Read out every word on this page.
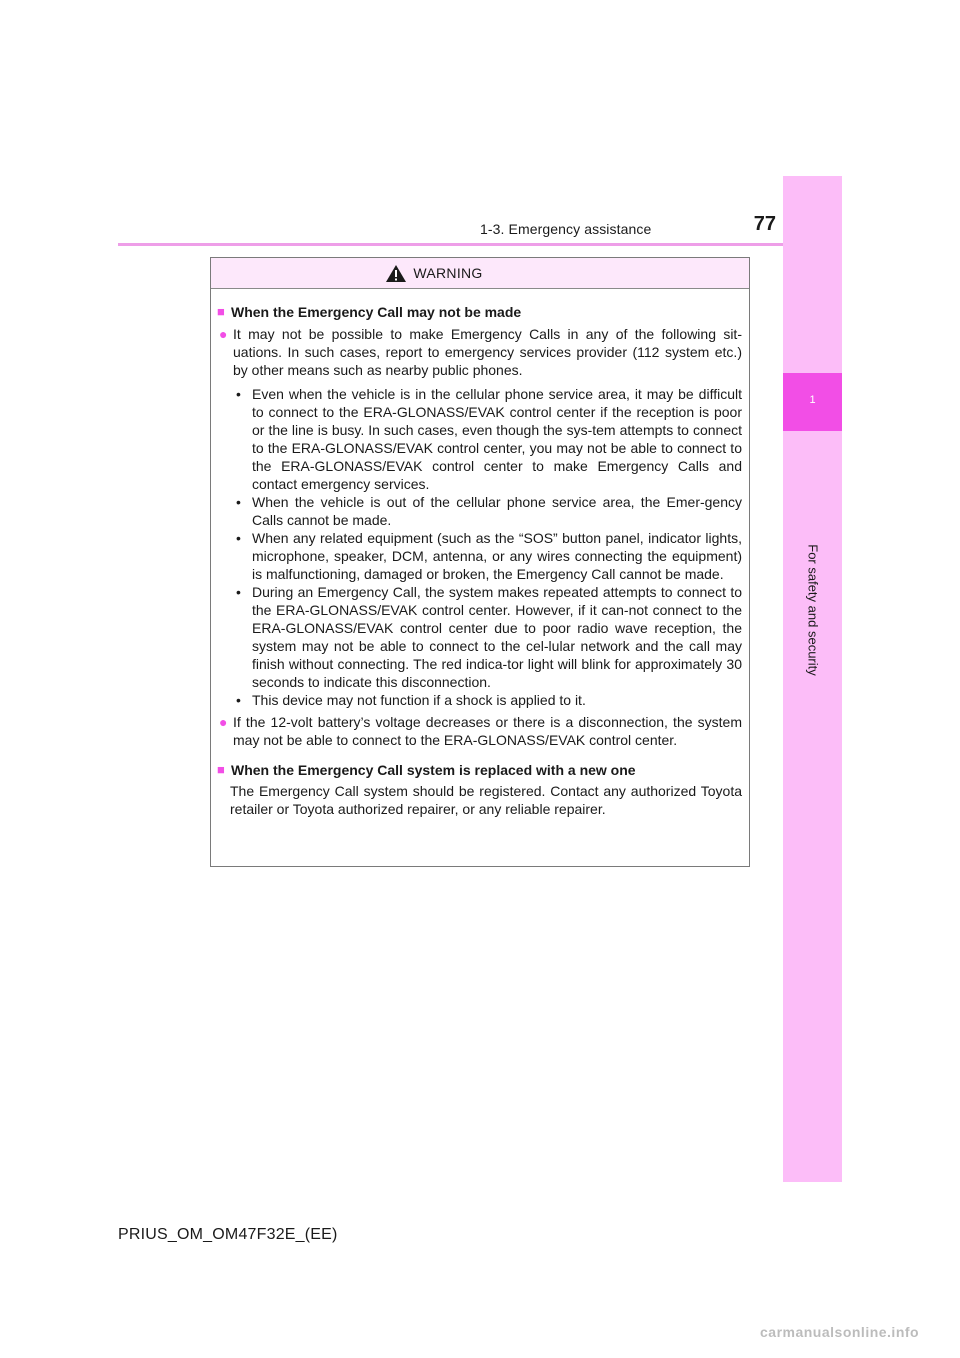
1-3. Emergency assistance	77
1
For safety and security
WARNING
■ When the Emergency Call may not be made
● It may not be possible to make Emergency Calls in any of the following sit-uations. In such cases, report to emergency services provider (112 system etc.) by other means such as nearby public phones.
• Even when the vehicle is in the cellular phone service area, it may be difficult to connect to the ERA-GLONASS/EVAK control center if the reception is poor or the line is busy. In such cases, even though the sys-tem attempts to connect to the ERA-GLONASS/EVAK control center, you may not be able to connect to the ERA-GLONASS/EVAK control center to make Emergency Calls and contact emergency services.
• When the vehicle is out of the cellular phone service area, the Emer-gency Calls cannot be made.
• When any related equipment (such as the “SOS” button panel, indicator lights, microphone, speaker, DCM, antenna, or any wires connecting the equipment) is malfunctioning, damaged or broken, the Emergency Call cannot be made.
• During an Emergency Call, the system makes repeated attempts to connect to the ERA-GLONASS/EVAK control center. However, if it can-not connect to the ERA-GLONASS/EVAK control center due to poor radio wave reception, the system may not be able to connect to the cel-lular network and the call may finish without connecting. The red indica-tor light will blink for approximately 30 seconds to indicate this disconnection.
• This device may not function if a shock is applied to it.
● If the 12-volt battery’s voltage decreases or there is a disconnection, the system may not be able to connect to the ERA-GLONASS/EVAK control center.
■ When the Emergency Call system is replaced with a new one
The Emergency Call system should be registered. Contact any authorized Toyota retailer or Toyota authorized repairer, or any reliable repairer.
PRIUS_OM_OM47F32E_(EE)
carmanualsonline.info
